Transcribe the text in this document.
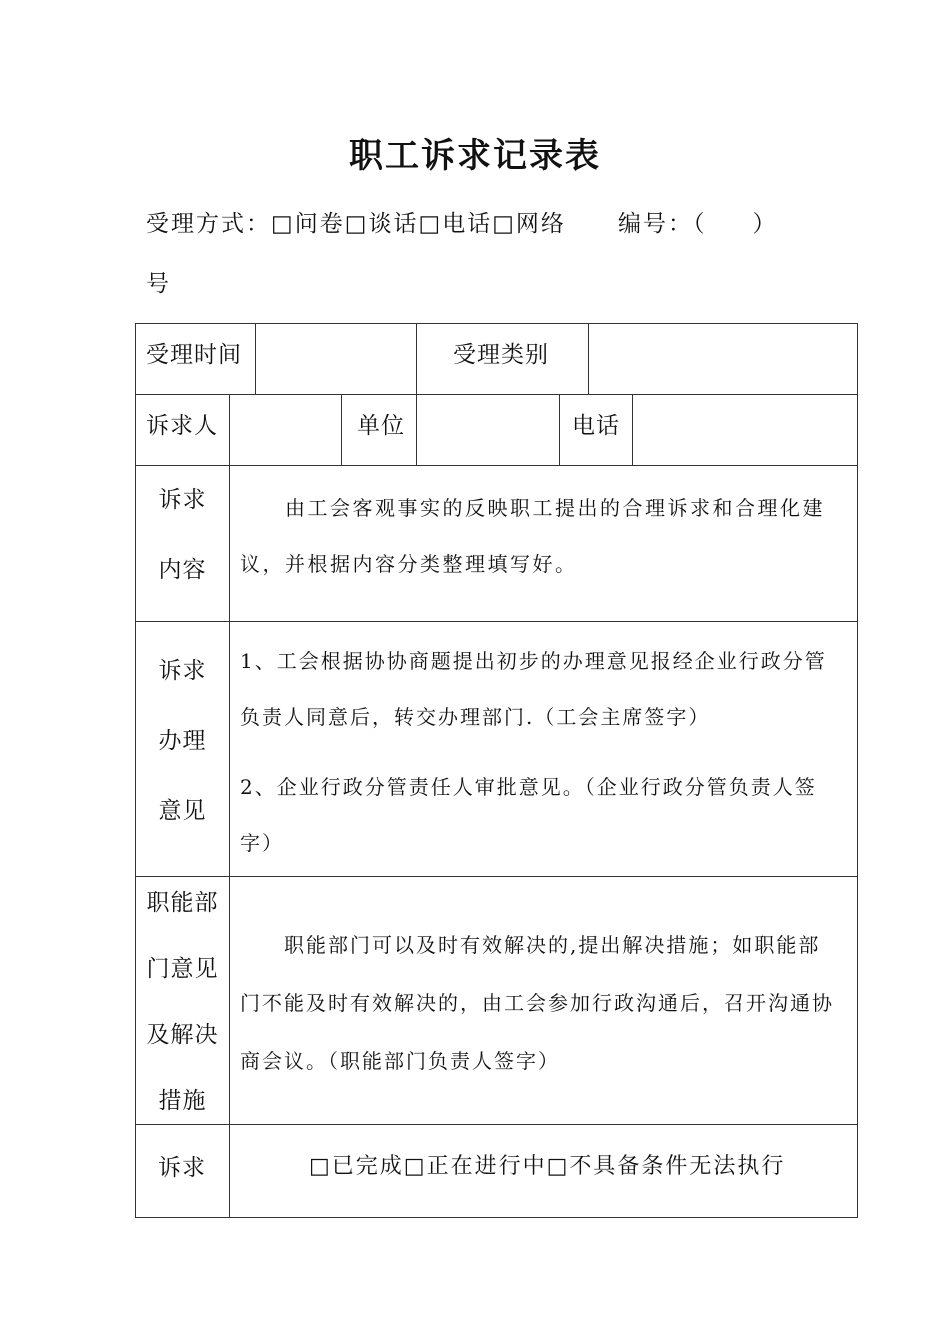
职工诉求记录表
受理方式：□问卷□谈话□电话□网络 编号：（ ）
号
受理时间	受理类别
诉求人	单位	电话
诉求
内容

由工会客观事实的反映职工提出的合理诉求和合理化建

议，并根据内容分类整理填写好。

诉求
办理
意见

1、工会根据协协商题提出初步的办理意见报经企业行政分管

负责人同意后，转交办理部门.（工会主席签字）

2、企业行政分管责任人审批意见。（企业行政分管负责人签

字）

职能部
门意见
及解决
措施

职能部门可以及时有效解决的,提出解决措施；如职能部

门不能及时有效解决的，由工会参加行政沟通后，召开沟通协

商会议。（职能部门负责人签字）

诉求	□已完成□正在进行中□不具备条件无法执行
